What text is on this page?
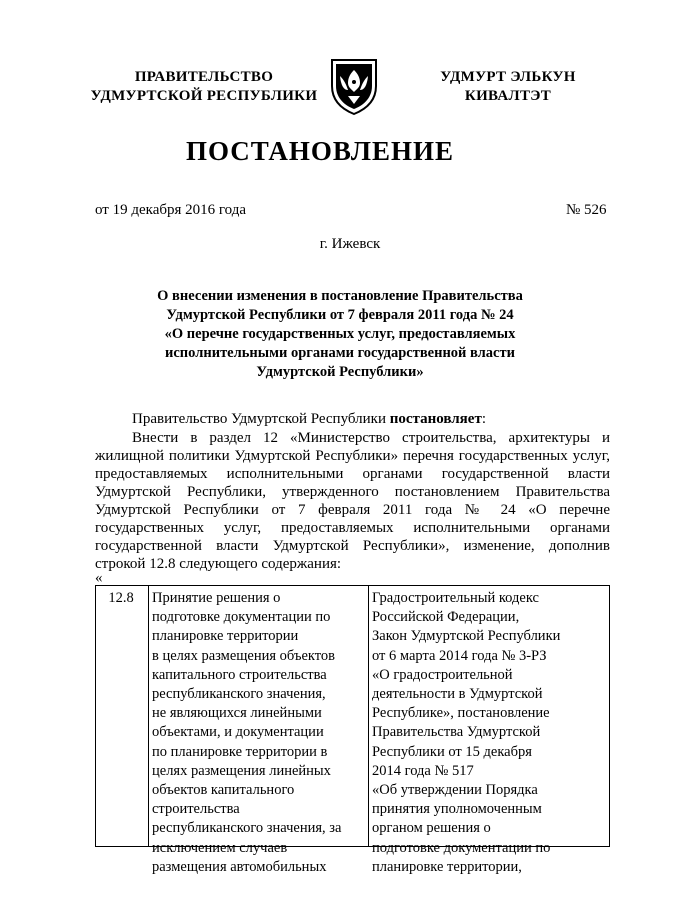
ПРАВИТЕЛЬСТВО
УДМУРТСКОЙ РЕСПУБЛИКИ
УДМУРТ ЭЛЬКУН
КИВАЛТЭТ
ПОСТАНОВЛЕНИЕ
от 19 декабря 2016 года	№ 526
г. Ижевск
О внесении изменения в постановление Правительства
Удмуртской Республики от 7 февраля 2011 года № 24
«О перечне государственных услуг, предоставляемых
исполнительными органами государственной власти
Удмуртской Республики»
Правительство Удмуртской Республики постановляет:
Внести в раздел 12 «Министерство строительства, архитектуры и жилищной политики Удмуртской Республики» перечня государственных услуг, предоставляемых исполнительными органами государственной власти Удмуртской Республики, утвержденного постановлением Правительства Удмуртской Республики от 7 февраля 2011 года № 24 «О перечне государственных услуг, предоставляемых исполнительными органами государственной власти Удмуртской Республики», изменение, дополнив строкой 12.8 следующего содержания:
«
12.8	Принятие решения о
подготовке документации по
планировке территории
в целях размещения объектов
капитального строительства
республиканского значения,
не являющихся линейными
объектами, и документации
по планировке территории в
целях размещения линейных
объектов капитального
строительства
республиканского значения, за
исключением случаев
размещения автомобильных
Градостроительный кодекс
Российской Федерации,
Закон Удмуртской Республики
от 6 марта 2014 года № 3-РЗ
«О градостроительной
деятельности в Удмуртской
Республике», постановление
Правительства Удмуртской
Республики от 15 декабря
2014 года № 517
«Об утверждении Порядка
принятия уполномоченным
органом решения о
подготовке документации по
планировке территории,
